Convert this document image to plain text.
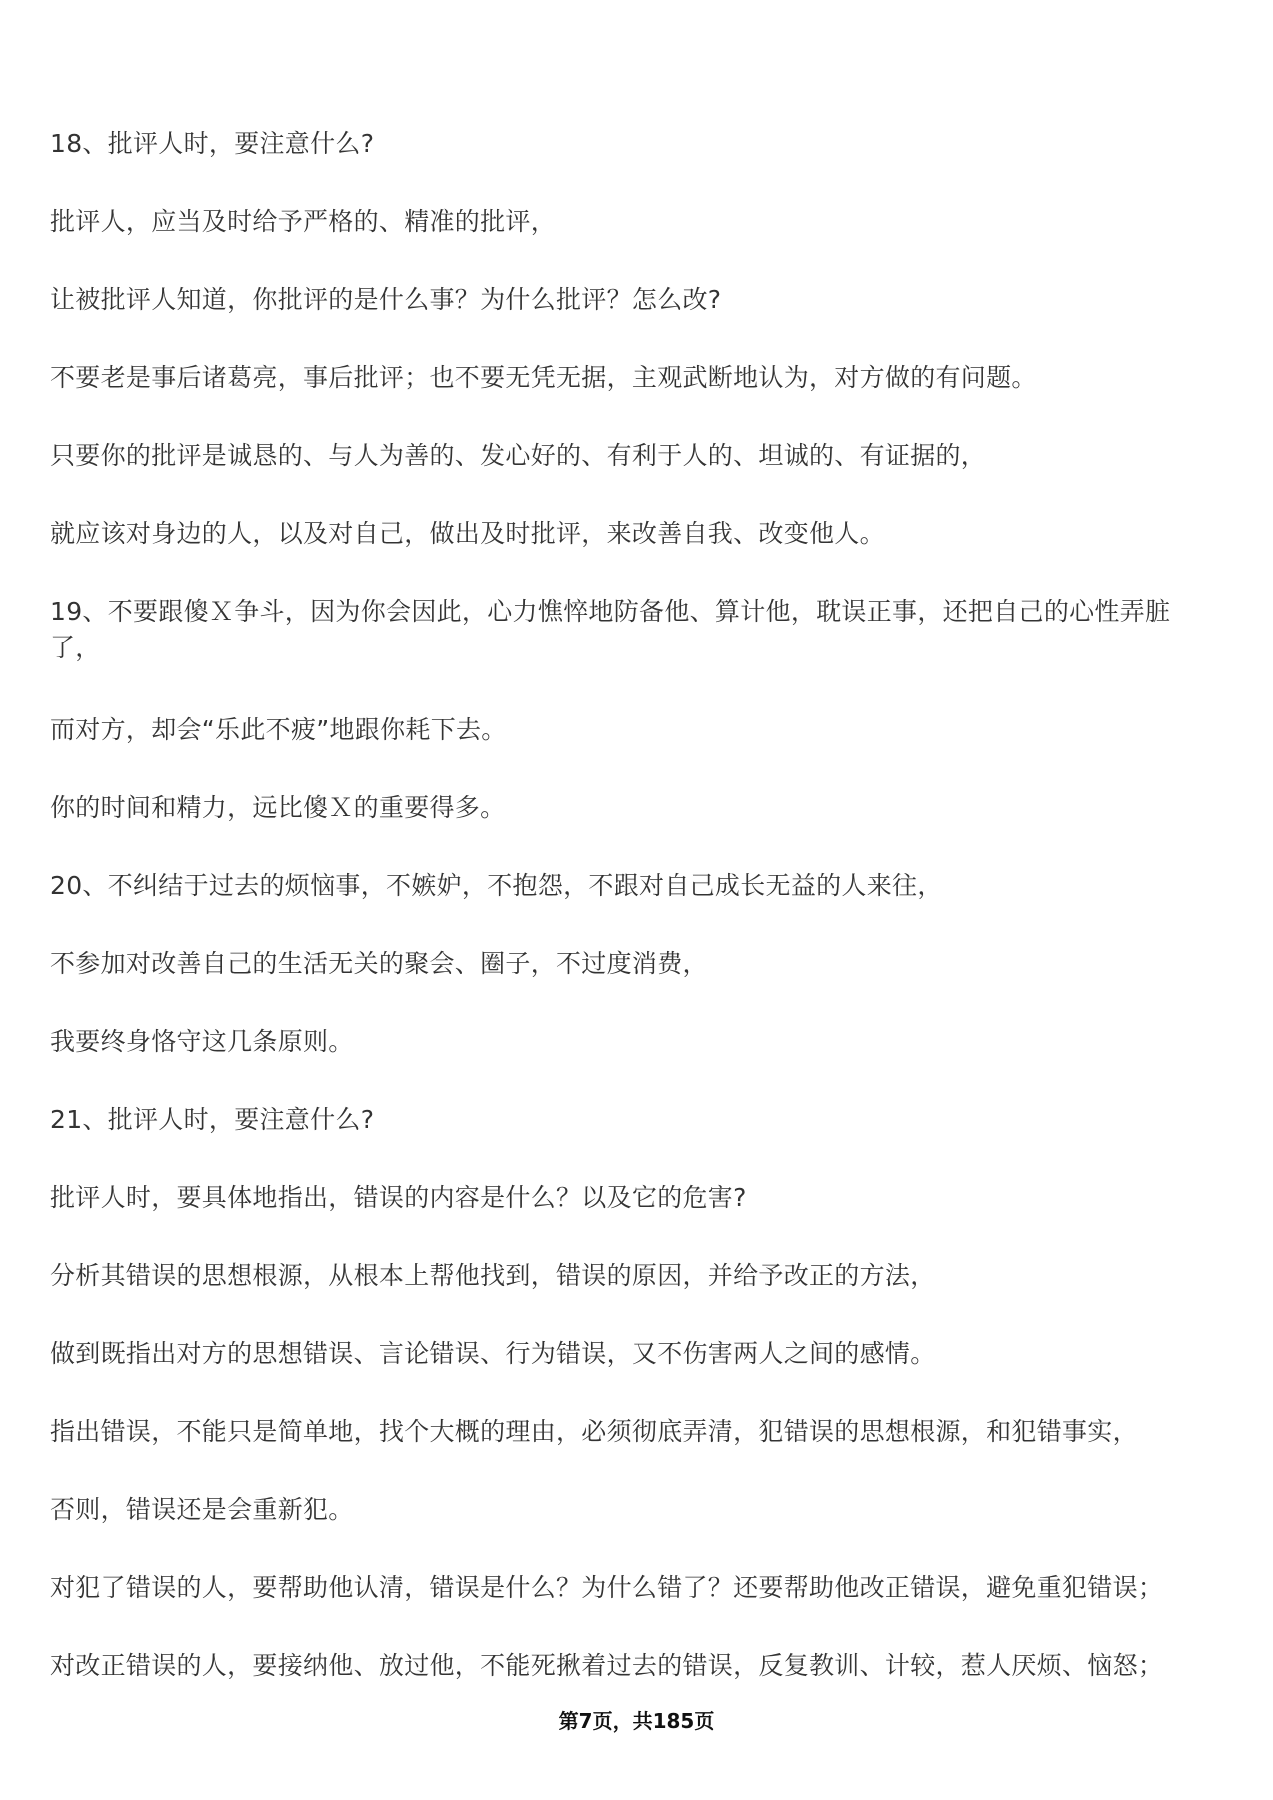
18、批评人时，要注意什么?
批评人，应当及时给予严格的、精准的批评，
让被批评人知道，你批评的是什么事？为什么批评？怎么改?
不要老是事后诸葛亮，事后批评；也不要无凭无据，主观武断地认为，对方做的有问题。
只要你的批评是诚恳的、与人为善的、发心好的、有利于人的、坦诚的、有证据的，
就应该对身边的人，以及对自己，做出及时批评，来改善自我、改变他人。
19、不要跟傻Ｘ争斗，因为你会因此，心力憔悴地防备他、算计他，耽误正事，还把自己的心性弄脏了，
而对方，却会“乐此不疲”地跟你耗下去。
你的时间和精力，远比傻Ｘ的重要得多。
20、不纠结于过去的烦恼事，不嫉妒，不抱怨，不跟对自己成长无益的人来往，
不参加对改善自己的生活无关的聚会、圈子，不过度消费，
我要终身恪守这几条原则。
21、批评人时，要注意什么?
批评人时，要具体地指出，错误的内容是什么？以及它的危害?
分析其错误的思想根源，从根本上帮他找到，错误的原因，并给予改正的方法，
做到既指出对方的思想错误、言论错误、行为错误，又不伤害两人之间的感情。
指出错误，不能只是简单地，找个大概的理由，必须彻底弄清，犯错误的思想根源，和犯错事实，
否则，错误还是会重新犯。
对犯了错误的人，要帮助他认清，错误是什么？为什么错了？还要帮助他改正错误，避免重犯错误；
对改正错误的人，要接纳他、放过他，不能死揪着过去的错误，反复教训、计较，惹人厌烦、恼怒；
第7页，共185页
